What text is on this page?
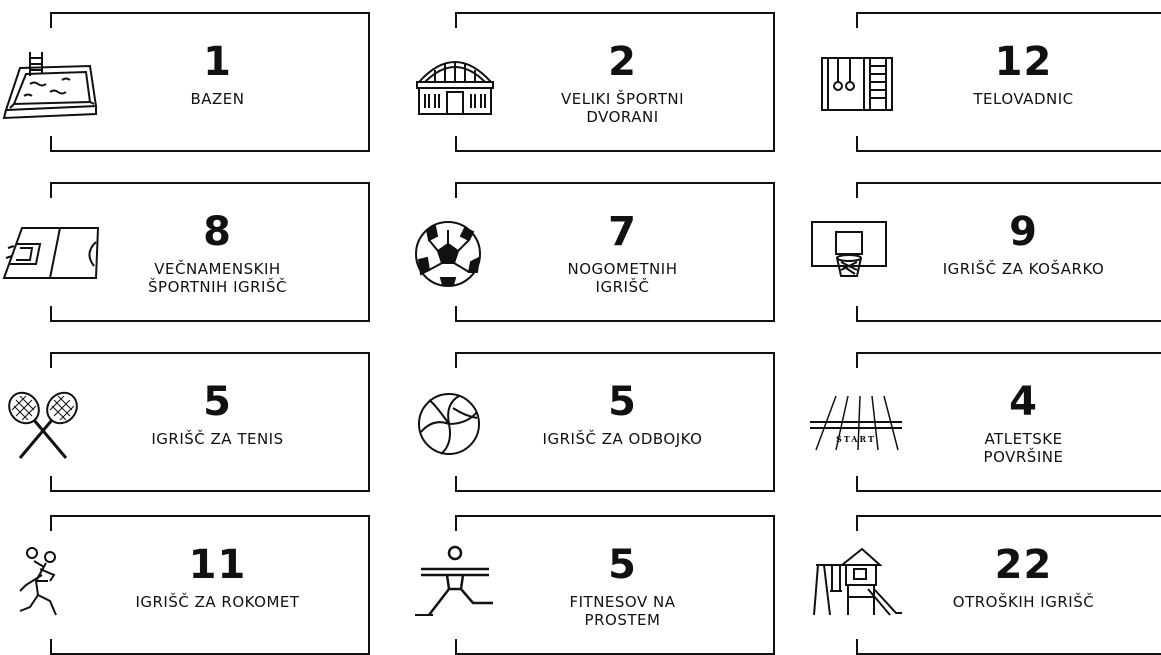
1
BAZEN
2
VELIKI ŠPORTNI
DVORANI
12
TELOVADNIC
8
VEČNAMENSKIH
ŠPORTNIH IGRIŠČ
7
NOGOMETNIH
IGRIŠČ
9
IGRIŠČ ZA KOŠARKO
5
IGRIŠČ ZA TENIS
5
IGRIŠČ ZA ODBOJKO	START
4
ATLETSKE
POVRŠINE
11
IGRIŠČ ZA ROKOMET
5
FITNESOV NA
PROSTEM
22
OTROŠKIH IGRIŠČ
